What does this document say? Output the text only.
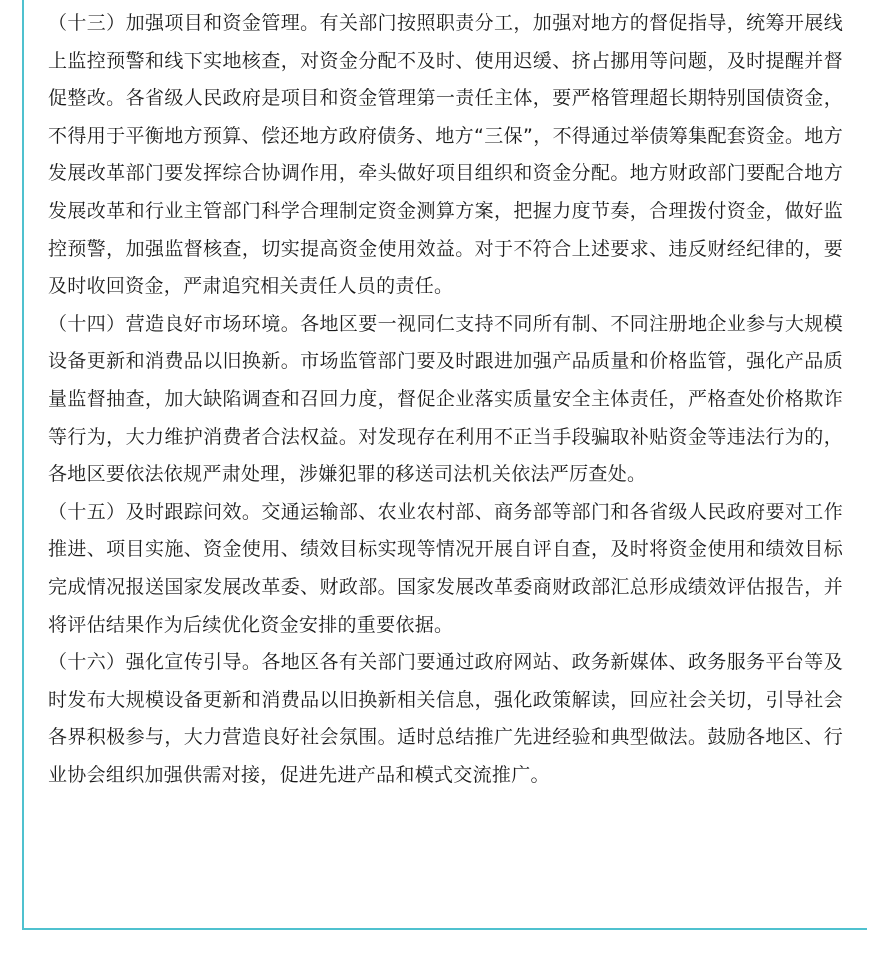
（十三）加强项目和资金管理。有关部门按照职责分工，加强对地方的督促指导，统筹开展线上监控预警和线下实地核查，对资金分配不及时、使用迟缓、挤占挪用等问题，及时提醒并督促整改。各省级人民政府是项目和资金管理第一责任主体，要严格管理超长期特别国债资金，不得用于平衡地方预算、偿还地方政府债务、地方“三保”，不得通过举债筹集配套资金。地方发展改革部门要发挥综合协调作用，牵头做好项目组织和资金分配。地方财政部门要配合地方发展改革和行业主管部门科学合理制定资金测算方案，把握力度节奏，合理拨付资金，做好监控预警，加强监督核查，切实提高资金使用效益。对于不符合上述要求、违反财经纪律的，要及时收回资金，严肃追究相关责任人员的责任。

（十四）营造良好市场环境。各地区要一视同仁支持不同所有制、不同注册地企业参与大规模设备更新和消费品以旧换新。市场监管部门要及时跟进加强产品质量和价格监管，强化产品质量监督抽查，加大缺陷调查和召回力度，督促企业落实质量安全主体责任，严格查处价格欺诈等行为，大力维护消费者合法权益。对发现存在利用不正当手段骗取补贴资金等违法行为的，各地区要依法依规严肃处理，涉嫌犯罪的移送司法机关依法严厉查处。

（十五）及时跟踪问效。交通运输部、农业农村部、商务部等部门和各省级人民政府要对工作推进、项目实施、资金使用、绩效目标实现等情况开展自评自查，及时将资金使用和绩效目标完成情况报送国家发展改革委、财政部。国家发展改革委商财政部汇总形成绩效评估报告，并将评估结果作为后续优化资金安排的重要依据。

（十六）强化宣传引导。各地区各有关部门要通过政府网站、政务新媒体、政务服务平台等及时发布大规模设备更新和消费品以旧换新相关信息，强化政策解读，回应社会关切，引导社会各界积极参与，大力营造良好社会氛围。适时总结推广先进经验和典型做法。鼓励各地区、行业协会组织加强供需对接，促进先进产品和模式交流推广。
